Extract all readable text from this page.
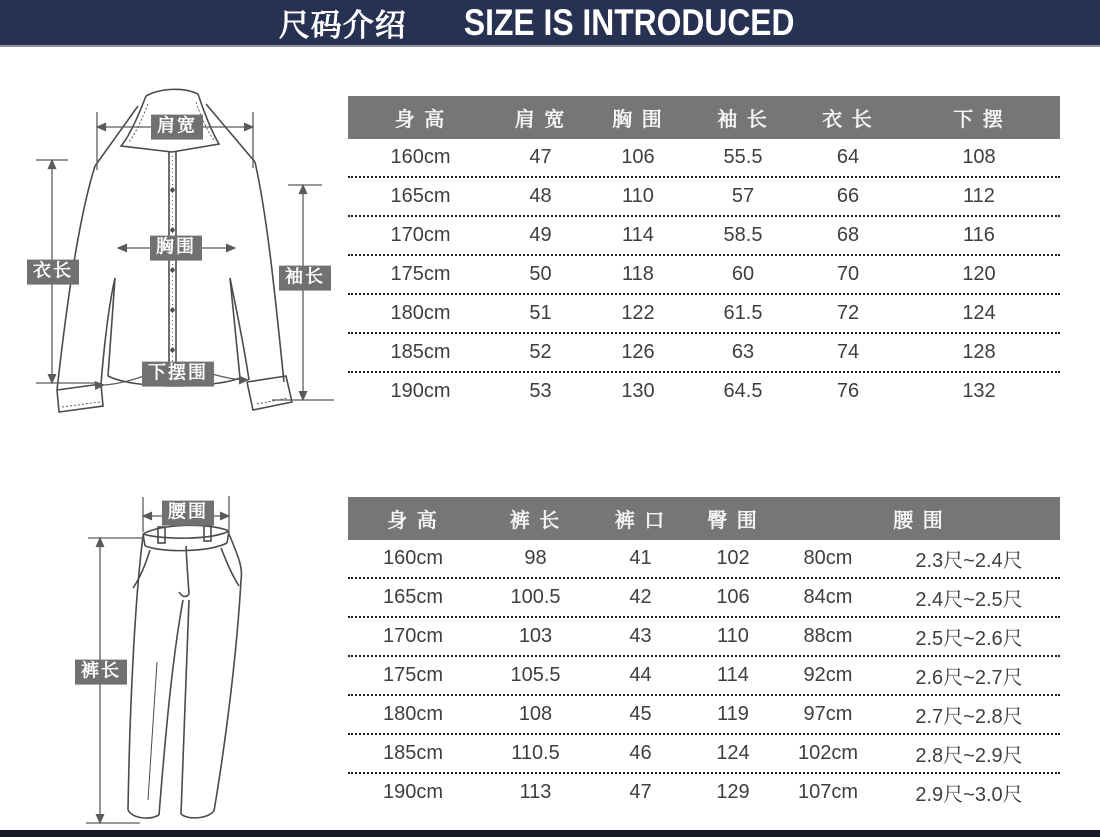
尺码介绍 SIZE IS INTRODUCED
肩宽
胸围
下摆围
衣长	袖长
身 高	肩 宽	胸 围	袖 长	衣 长	下 摆
160cm	47	106	55.5	64	108
165cm	48	110	57	66	112
170cm	49	114	58.5	68	116
175cm	50	118	60	70	120
180cm	51	122	61.5	72	124
185cm	52	126	63	74	128
190cm	53	130	64.5	76	132
腰围
裤长
身 高	裤 长	裤 口	臀 围	腰 围
160cm	98	41	102	80cm	2.3尺~2.4尺
165cm	100.5	42	106	84cm	2.4尺~2.5尺
170cm	103	43	110	88cm	2.5尺~2.6尺
175cm	105.5	44	114	92cm	2.6尺~2.7尺
180cm	108	45	119	97cm	2.7尺~2.8尺
185cm	110.5	46	124	102cm	2.8尺~2.9尺
190cm	113	47	129	107cm	2.9尺~3.0尺
